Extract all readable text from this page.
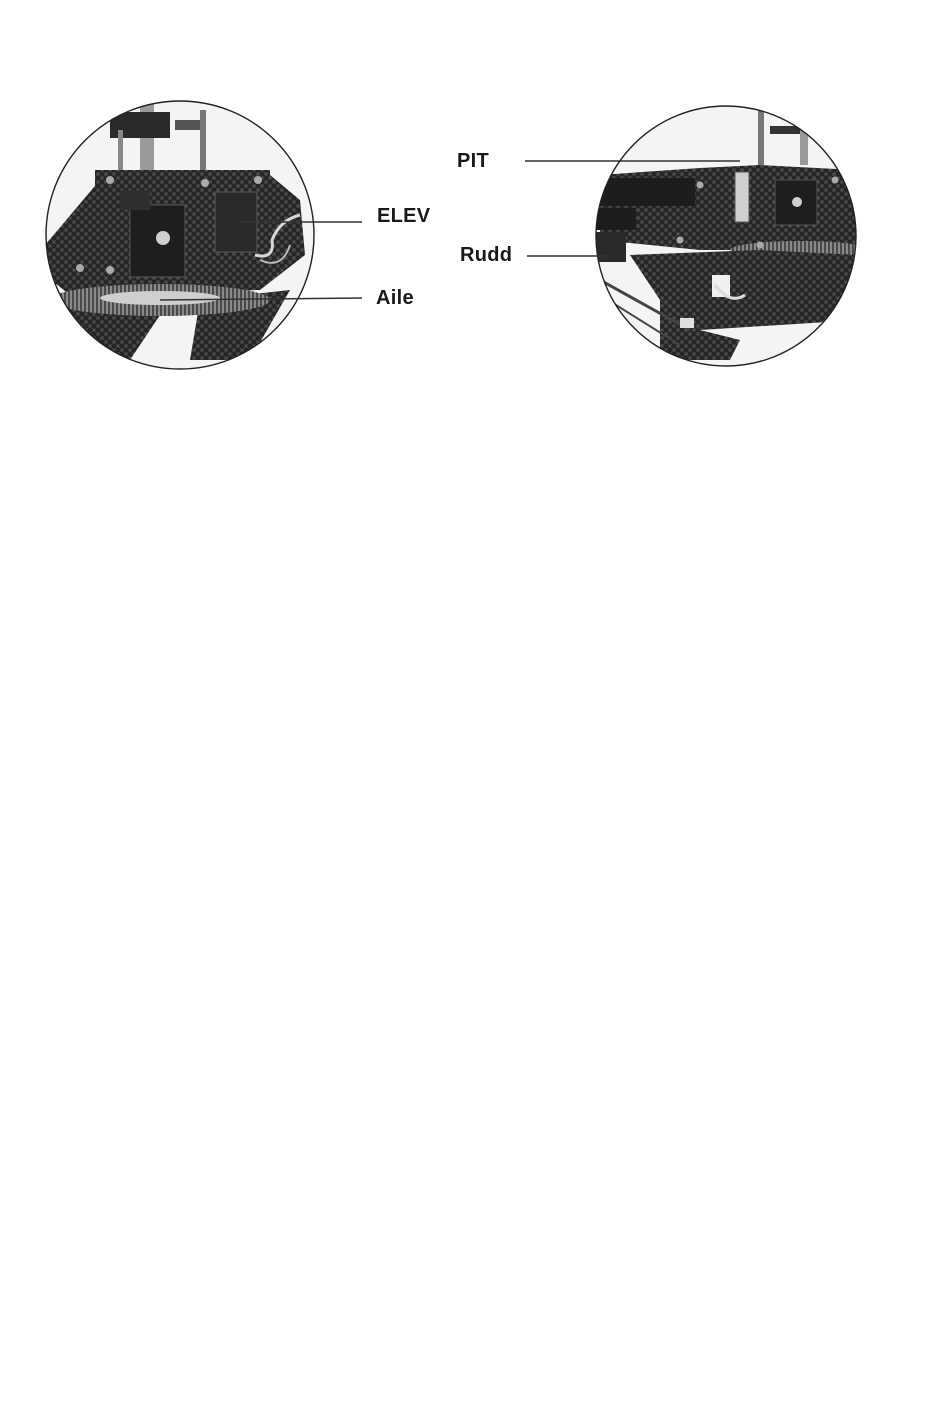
ELEV
Aile
PIT
Rudd
